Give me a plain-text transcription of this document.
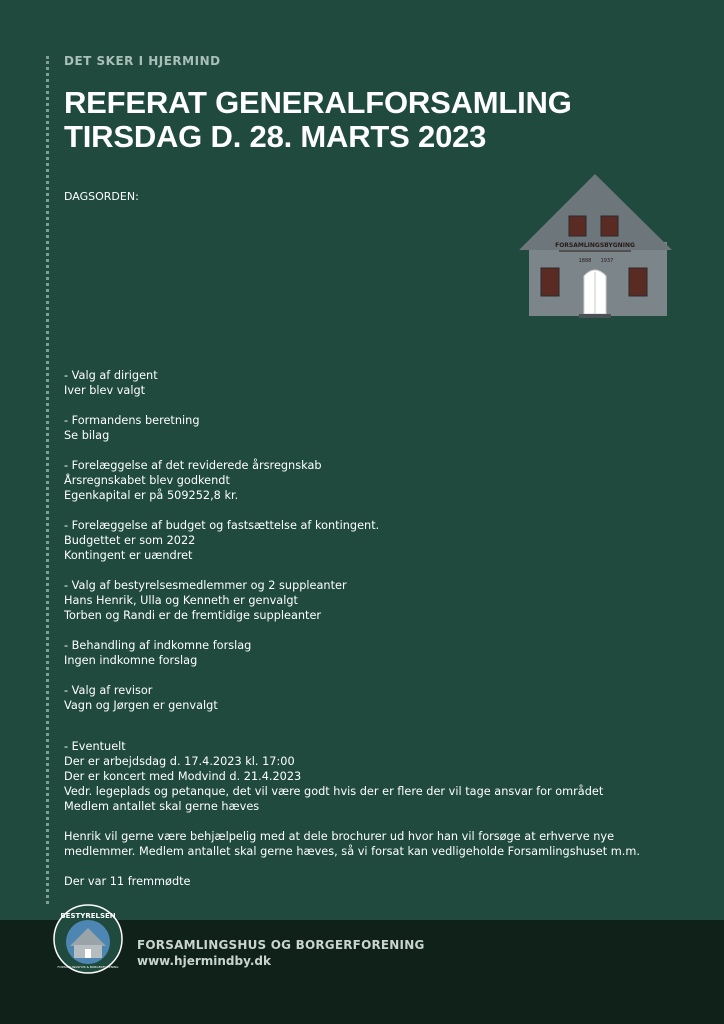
DET SKER I HJERMIND
REFERAT GENERALFORSAMLING
TIRSDAG D. 28. MARTS 2023
DAGSORDEN:
FORSAMLINGSBYGNING
1888 1937
- Valg af dirigent
Iver blev valgt
- Formandens beretning
Se bilag
- Forelæggelse af det reviderede årsregnskab
Årsregnskabet blev godkendt
Egenkapital er på 509252,8 kr.
- Forelæggelse af budget og fastsættelse af kontingent.
Budgettet er som 2022
Kontingent er uændret
- Valg af bestyrelsesmedlemmer og 2 suppleanter
Hans Henrik, Ulla og Kenneth er genvalgt
Torben og Randi er de fremtidige suppleanter
- Behandling af indkomne forslag
Ingen indkomne forslag
- Valg af revisor
Vagn og Jørgen er genvalgt
- Eventuelt
Der er arbejdsdag d. 17.4.2023 kl. 17:00
Der er koncert med Modvind d. 21.4.2023
Vedr. legeplads og petanque, det vil være godt hvis der er flere der vil tage ansvar for området
Medlem antallet skal gerne hæves
Henrik vil gerne være behjælpelig med at dele brochurer ud hvor han vil forsøge at erhverve nye
medlemmer. Medlem antallet skal gerne hæves, så vi forsat kan vedligeholde Forsamlingshuset m.m.
Der var 11 fremmødte
BESTYRELSEN
FORSAMLINGSHUS & BORGERFORENING
FORSAMLINGSHUS OG BORGERFORENING
www.hjermindby.dk
